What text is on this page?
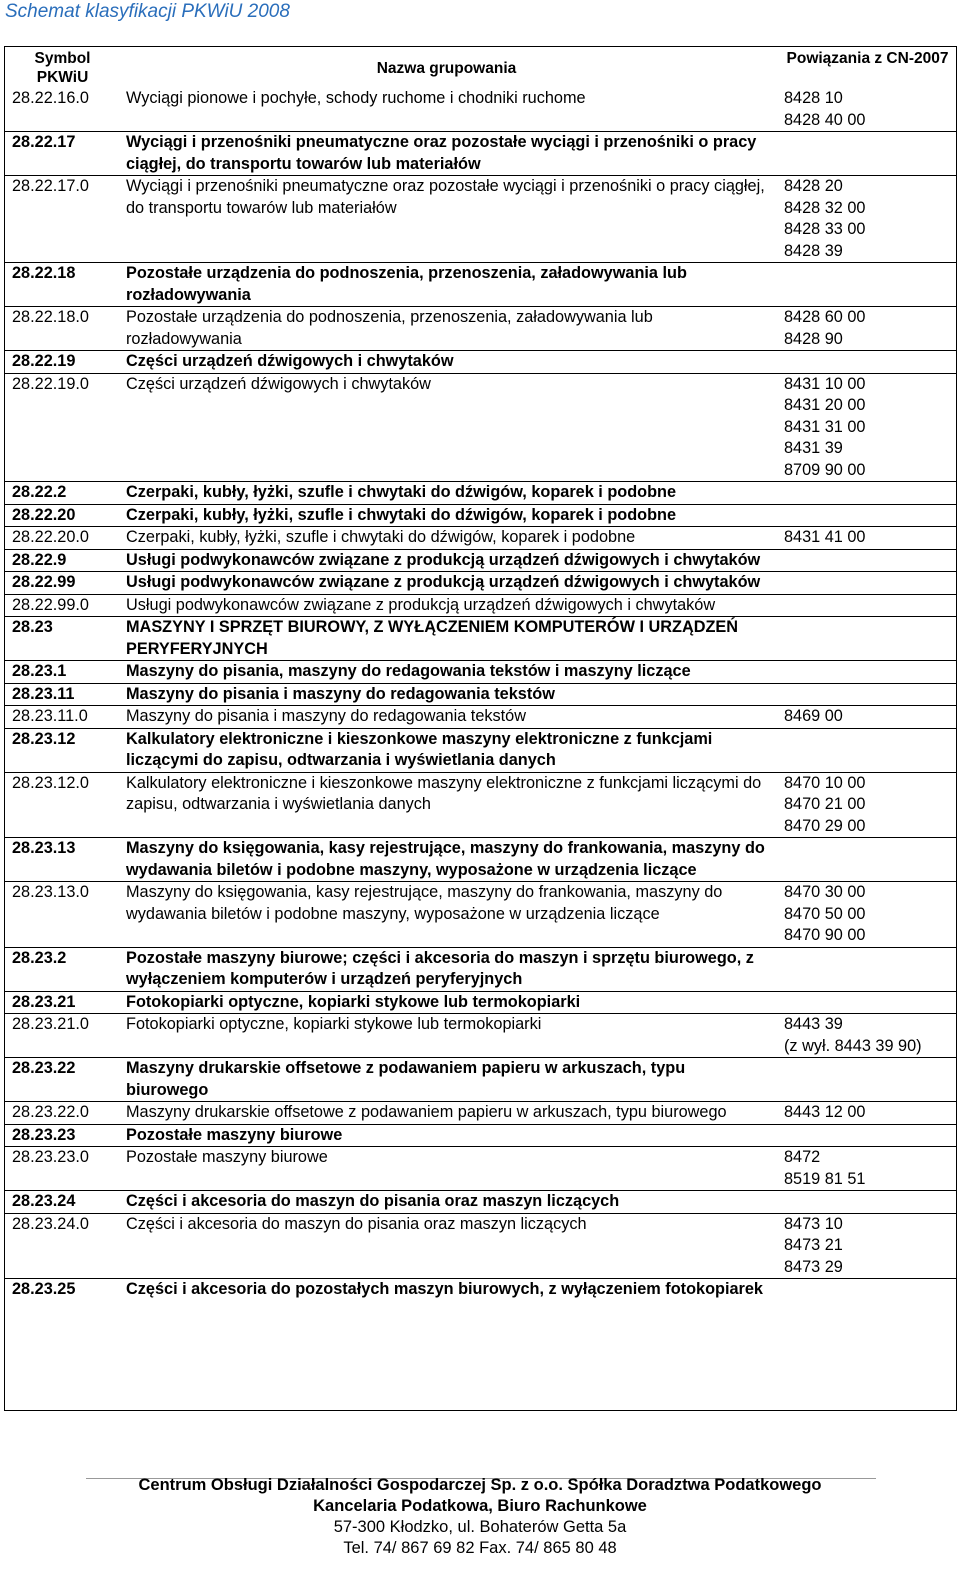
Schemat klasyfikacji PKWiU 2008
Symbol PKWiU	Nazwa grupowania	Powiązania z CN-2007
28.22.16.0	Wyciągi pionowe i pochyłe, schody ruchome i chodniki ruchome	8428 10
8428 40 00

28.22.17	Wyciągi i przenośniki pneumatyczne oraz pozostałe wyciągi i przenośniki o pracy ciągłej, do transportu towarów lub materiałów	
28.22.17.0	Wyciągi i przenośniki pneumatyczne oraz pozostałe wyciągi i przenośniki o pracy ciągłej, do transportu towarów lub materiałów	8428 20
8428 32 00
8428 33 00
8428 39

28.22.18	Pozostałe urządzenia do podnoszenia, przenoszenia, załadowywania lub rozładowywania	
28.22.18.0	Pozostałe urządzenia do podnoszenia, przenoszenia, załadowywania lub rozładowywania	8428 60 00
8428 90

28.22.19	Części urządzeń dźwigowych i chwytaków	
28.22.19.0	Części urządzeń dźwigowych i chwytaków	8431 10 00
8431 20 00
8431 31 00
8431 39
8709 90 00

28.22.2	Czerpaki, kubły, łyżki, szufle i chwytaki do dźwigów, koparek i podobne	
28.22.20	Czerpaki, kubły, łyżki, szufle i chwytaki do dźwigów, koparek i podobne	
28.22.20.0	Czerpaki, kubły, łyżki, szufle i chwytaki do dźwigów, koparek i podobne	8431 41 00

28.22.9	Usługi podwykonawców związane z produkcją urządzeń dźwigowych i chwytaków	
28.22.99	Usługi podwykonawców związane z produkcją urządzeń dźwigowych i chwytaków	
28.22.99.0	Usługi podwykonawców związane z produkcją urządzeń dźwigowych i chwytaków	
28.23	MASZYNY I SPRZĘT BIUROWY, Z WYŁĄCZENIEM KOMPUTERÓW I URZĄDZEŃ PERYFERYJNYCH	
28.23.1	Maszyny do pisania, maszyny do redagowania tekstów i maszyny liczące	
28.23.11	Maszyny do pisania i maszyny do redagowania tekstów	
28.23.11.0	Maszyny do pisania i maszyny do redagowania tekstów	8469 00

28.23.12	Kalkulatory elektroniczne i kieszonkowe maszyny elektroniczne z funkcjami liczącymi do zapisu, odtwarzania i wyświetlania danych	
28.23.12.0	Kalkulatory elektroniczne i kieszonkowe maszyny elektroniczne z funkcjami liczącymi do zapisu, odtwarzania i wyświetlania danych	8470 10 00
8470 21 00
8470 29 00

28.23.13	Maszyny do księgowania, kasy rejestrujące, maszyny do frankowania, maszyny do wydawania biletów i podobne maszyny, wyposażone w urządzenia liczące	
28.23.13.0	Maszyny do księgowania, kasy rejestrujące, maszyny do frankowania, maszyny do wydawania biletów i podobne maszyny, wyposażone w urządzenia liczące	8470 30 00
8470 50 00
8470 90 00

28.23.2	Pozostałe maszyny biurowe; części i akcesoria do maszyn i sprzętu biurowego, z wyłączeniem komputerów i urządzeń peryferyjnych	
28.23.21	Fotokopiarki optyczne, kopiarki stykowe lub termokopiarki	
28.23.21.0	Fotokopiarki optyczne, kopiarki stykowe lub termokopiarki	8443 39
(z wył. 8443 39 90)

28.23.22	Maszyny drukarskie offsetowe z podawaniem papieru w arkuszach, typu biurowego	
28.23.22.0	Maszyny drukarskie offsetowe z podawaniem papieru w arkuszach, typu biurowego	8443 12 00

28.23.23	Pozostałe maszyny biurowe	
28.23.23.0	Pozostałe maszyny biurowe	8472
8519 81 51

28.23.24	Części i akcesoria do maszyn do pisania oraz maszyn liczących	
28.23.24.0	Części i akcesoria do maszyn do pisania oraz maszyn liczących	8473 10
8473 21
8473 29

28.23.25	Części i akcesoria do pozostałych maszyn biurowych, z wyłączeniem fotokopiarek	
Centrum Obsługi Działalności Gospodarczej Sp. z o.o. Spółka Doradztwa Podatkowego
Kancelaria Podatkowa, Biuro Rachunkowe
57-300 Kłodzko, ul. Bohaterów Getta 5a
Tel. 74/ 867 69 82 Fax. 74/ 865 80 48
